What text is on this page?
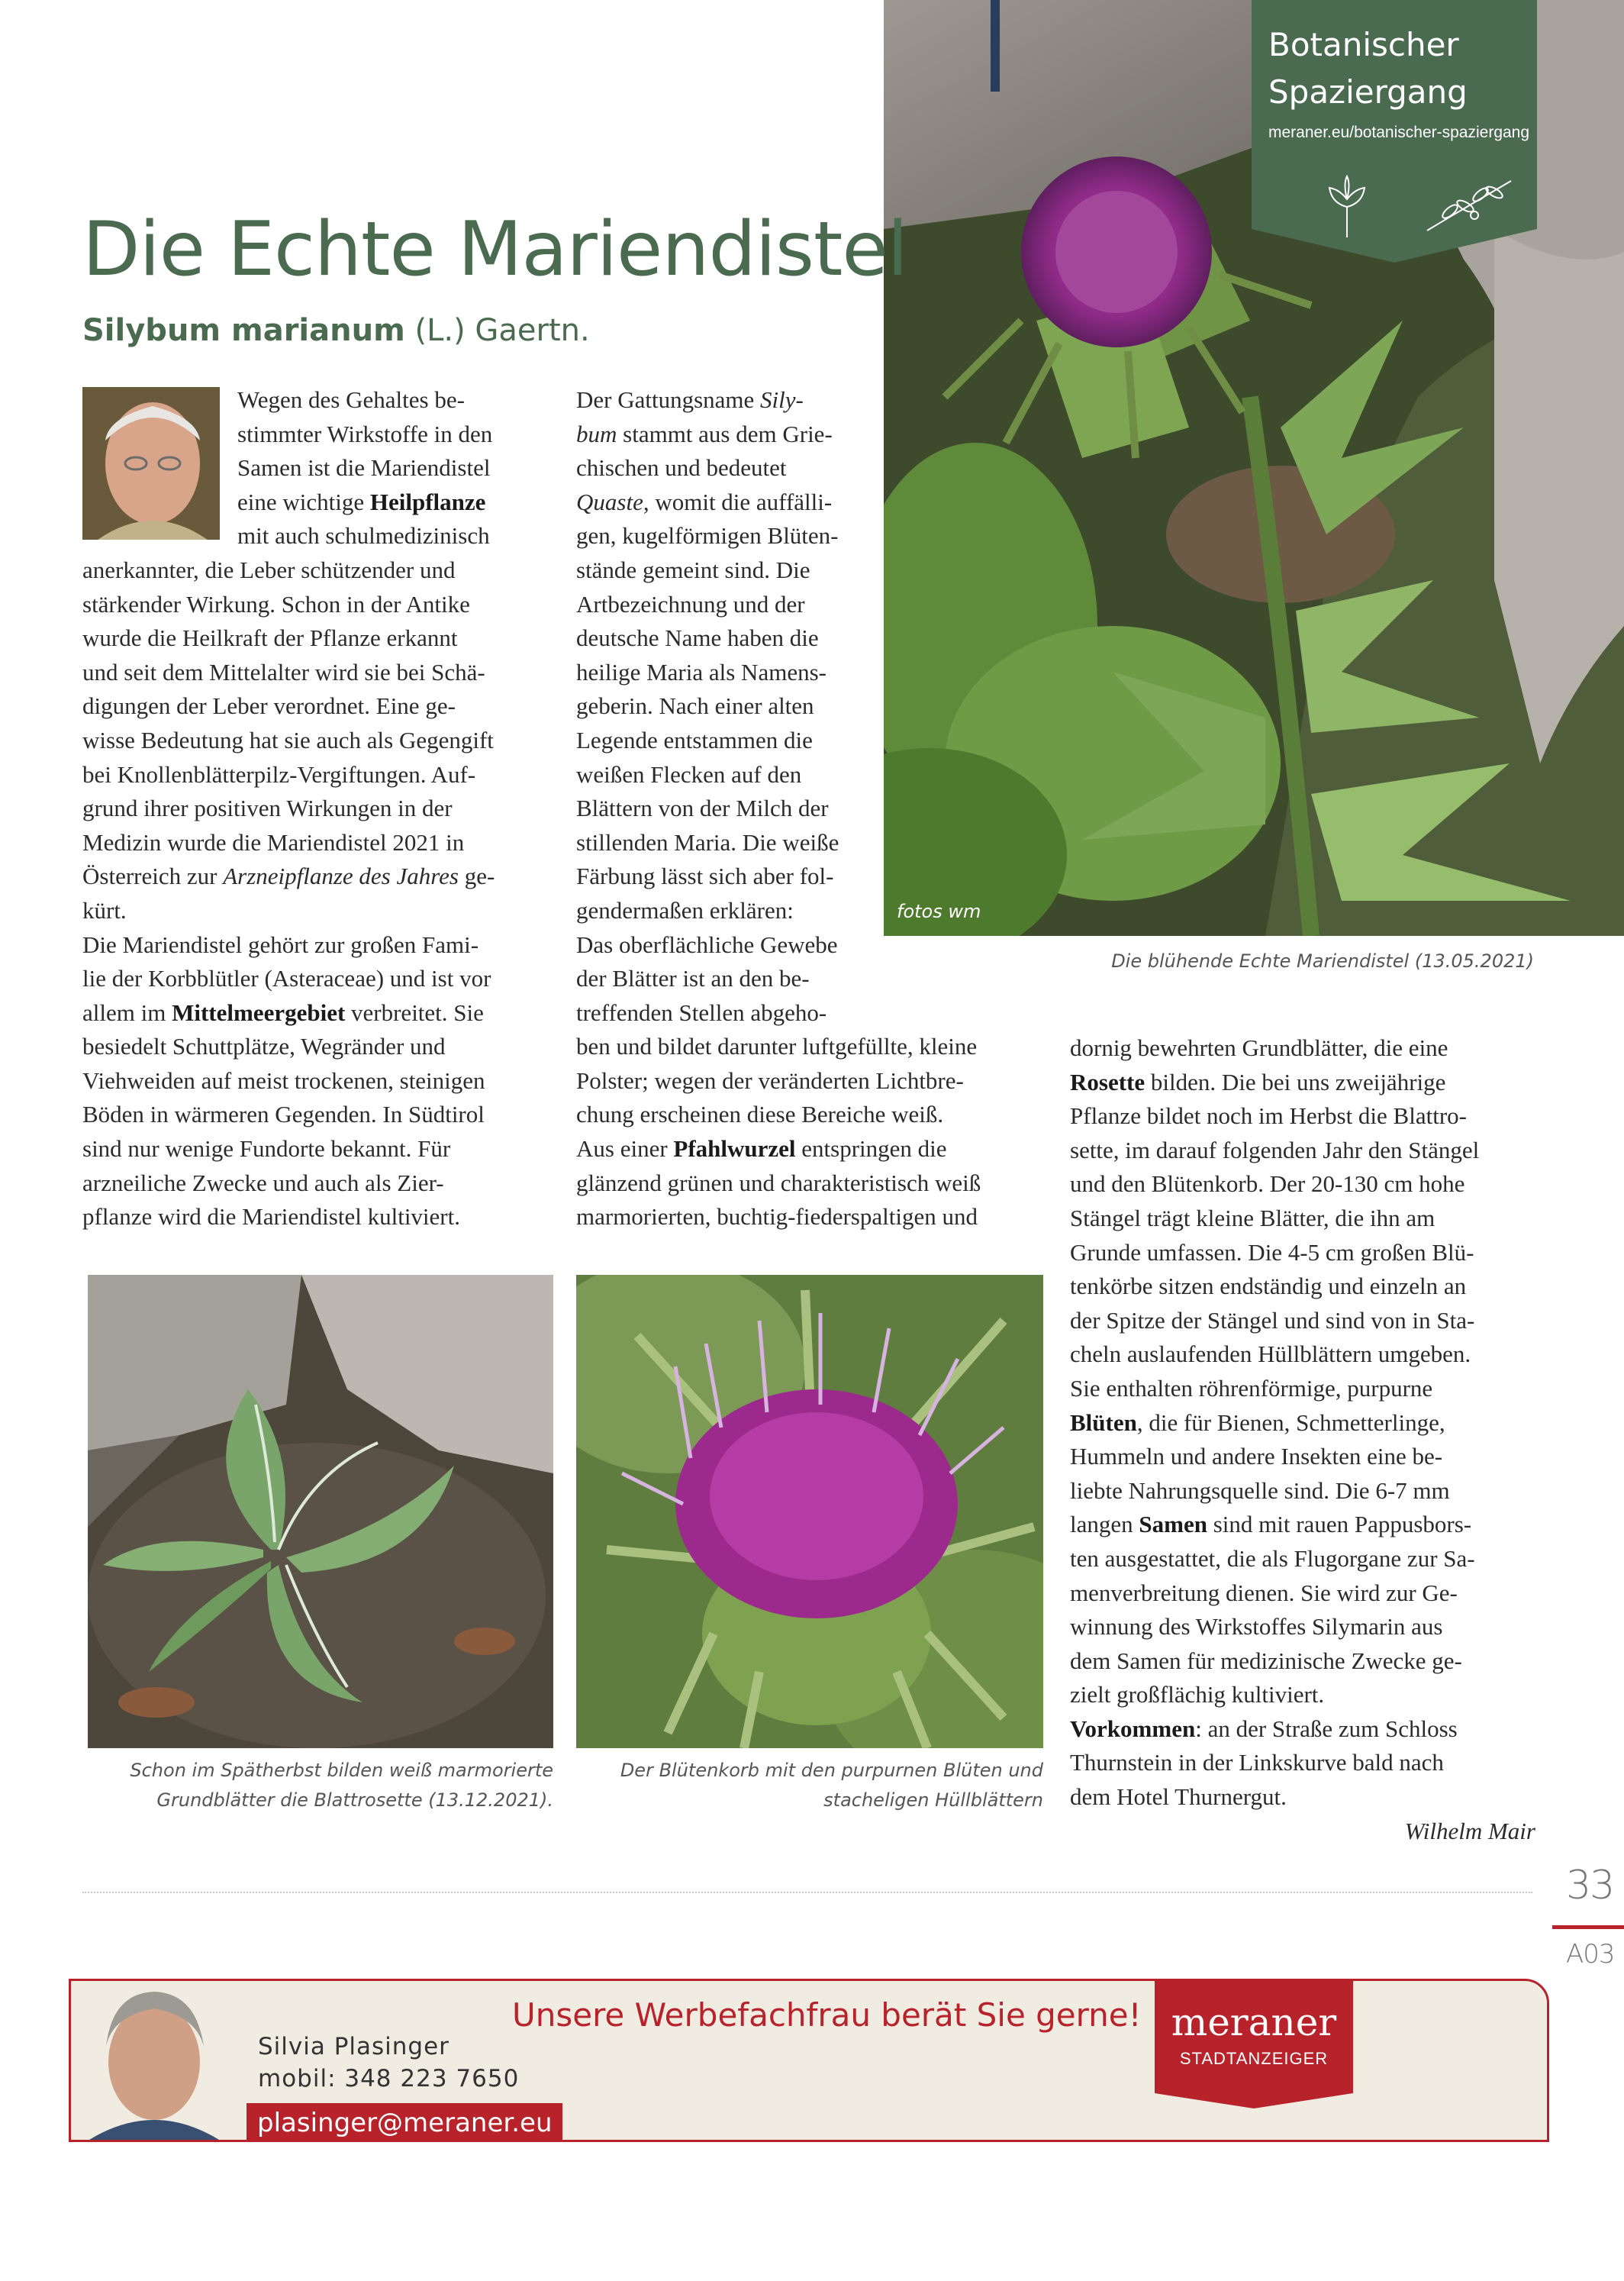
fotos wm
Botanischer
Spaziergang
meraner.eu/botanischer-spaziergang
Die Echte Mariendistel
Silybum marianum (L.) Gaertn.

Wegen des Gehaltes be-

stimmter Wirkstoffe in den

Samen ist die Mariendistel

eine wichtige Heilpflanze

mit auch schulmedizinisch

anerkannter, die Leber schützender und

stärkender Wirkung. Schon in der Antike

wurde die Heilkraft der Pflanze erkannt

und seit dem Mittelalter wird sie bei Schä-

digungen der Leber verordnet. Eine ge-

wisse Bedeutung hat sie auch als Gegengift

bei Knollenblätterpilz-Vergiftungen. Auf-

grund ihrer positiven Wirkungen in der

Medizin wurde die Mariendistel 2021 in

Österreich zur Arzneipflanze des Jahres ge-

kürt.

Die Mariendistel gehört zur großen Fami-

lie der Korbblütler (Asteraceae) und ist vor

allem im Mittelmeergebiet verbreitet. Sie

besiedelt Schuttplätze, Wegränder und

Viehweiden auf meist trockenen, steinigen

Böden in wärmeren Gegenden. In Südtirol

sind nur wenige Fundorte bekannt. Für

arzneiliche Zwecke und auch als Zier-

pflanze wird die Mariendistel kultiviert.

Der Gattungsname Sily-

bum stammt aus dem Grie-

chischen und bedeutet

Quaste, womit die auffälli-

gen, kugelförmigen Blüten-

stände gemeint sind. Die

Artbezeichnung und der

deutsche Name haben die

heilige Maria als Namens-

geberin. Nach einer alten

Legende entstammen die

weißen Flecken auf den

Blättern von der Milch der

stillenden Maria. Die weiße

Färbung lässt sich aber fol-

gendermaßen erklären:

Das oberflächliche Gewebe

der Blätter ist an den be-

treffenden Stellen abgeho-

ben und bildet darunter luftgefüllte, kleine

Polster; wegen der veränderten Lichtbre-

chung erscheinen diese Bereiche weiß.

Aus einer Pfahlwurzel entspringen die

glänzend grünen und charakteristisch weiß

marmorierten, buchtig-fiederspaltigen und

Die blühende Echte Mariendistel (13.05.2021)

dornig bewehrten Grundblätter, die eine

Rosette bilden. Die bei uns zweijährige

Pflanze bildet noch im Herbst die Blattro-

sette, im darauf folgenden Jahr den Stängel

und den Blütenkorb. Der 20-130 cm hohe

Stängel trägt kleine Blätter, die ihn am

Grunde umfassen. Die 4-5 cm großen Blü-

tenkörbe sitzen endständig und einzeln an

der Spitze der Stängel und sind von in Sta-

cheln auslaufenden Hüllblättern umgeben.

Sie enthalten röhrenförmige, purpurne

Blüten, die für Bienen, Schmetterlinge,

Hummeln und andere Insekten eine be-

liebte Nahrungsquelle sind. Die 6-7 mm

langen Samen sind mit rauen Pappusbors-

ten ausgestattet, die als Flugorgane zur Sa-

menverbreitung dienen. Sie wird zur Ge-

winnung des Wirkstoffes Silymarin aus

dem Samen für medizinische Zwecke ge-

zielt großflächig kultiviert.

Vorkommen: an der Straße zum Schloss

Thurnstein in der Linkskurve bald nach

dem Hotel Thurnergut.

Wilhelm Mair

Schon im Spätherbst bilden weiß marmorierte
Grundblätter die Blattrosette (13.12.2021).
Der Blütenkorb mit den purpurnen Blüten und
stacheligen Hüllblättern
33
A03
Unsere Werbefachfrau berät Sie gerne!
Silvia Plasinger
mobil: 348 223 7650
plasinger@meraner.eu
meraner
STADTANZEIGER
